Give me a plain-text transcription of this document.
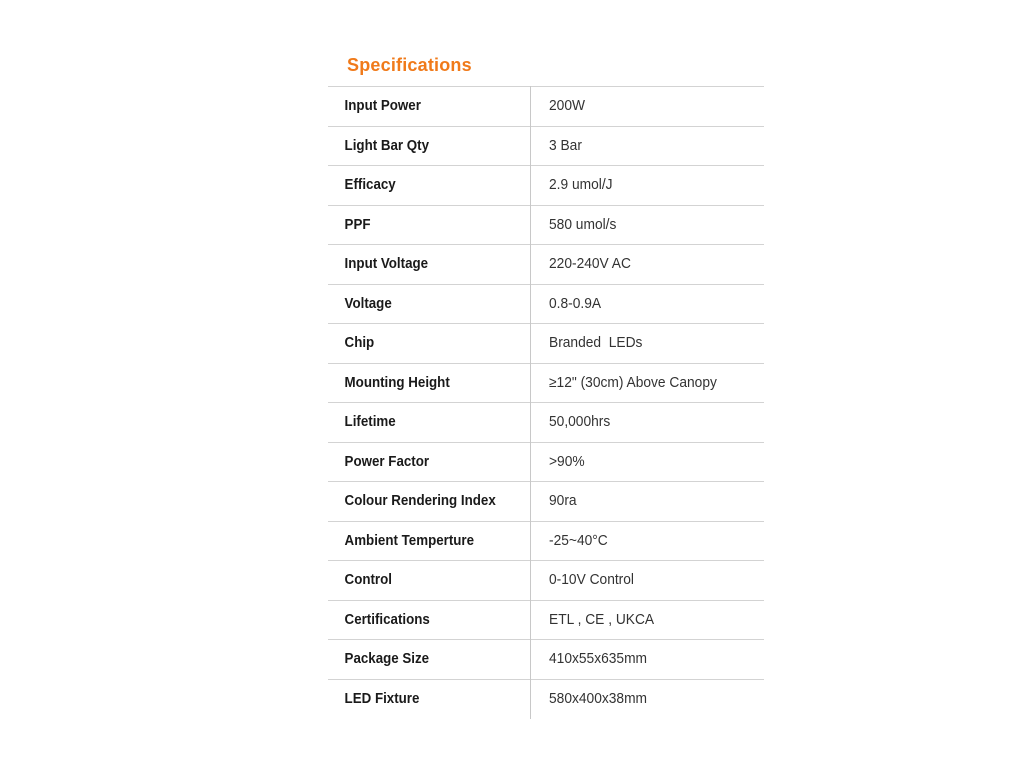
Specifications
Input Power	200W
Light Bar Qty	3 Bar
Efficacy	2.9 umol/J
PPF	580 umol/s
Input Voltage	220-240V AC
Voltage	0.8-0.9A
Chip	Branded  LEDs
Mounting Height	≥12" (30cm) Above Canopy
Lifetime	50,000hrs
Power Factor	>90%
Colour Rendering Index	90ra
Ambient Temperture	-25~40°C
Control	0-10V Control
Certifications	ETL , CE , UKCA
Package Size	410x55x635mm
LED Fixture	580x400x38mm
